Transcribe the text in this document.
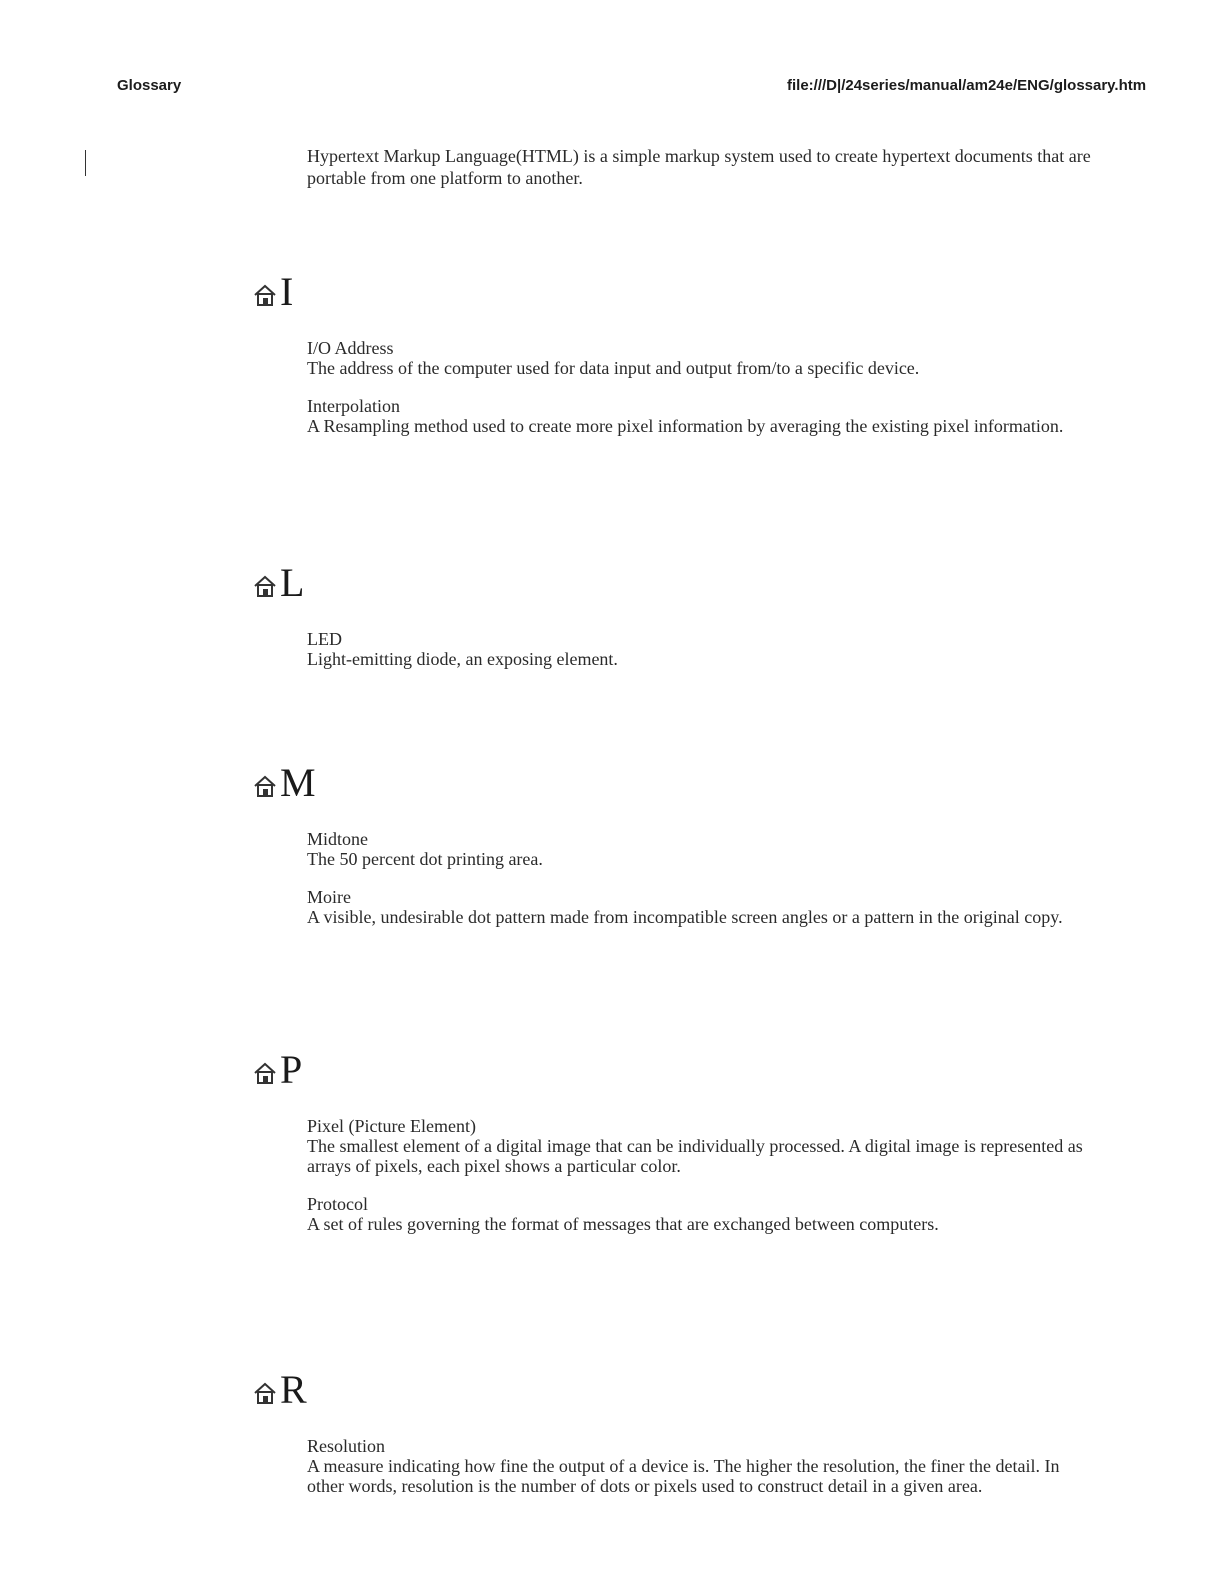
Glossary	file:///D|/24series/manual/am24e/ENG/glossary.htm

Hypertext Markup Language(HTML) is a simple markup system used to create hypertext documents that are portable from one platform to another.

I
I/O Address
The address of the computer used for data input and output from/to a specific device.
Interpolation
A Resampling method used to create more pixel information by averaging the existing pixel information.
L
LED
Light-emitting diode, an exposing element.
M
Midtone
The 50 percent dot printing area.
Moire
A visible, undesirable dot pattern made from incompatible screen angles or a pattern in the original copy.
P
Pixel (Picture Element)
The smallest element of a digital image that can be individually processed. A digital image is represented as arrays of pixels, each pixel shows a particular color.
Protocol
A set of rules governing the format of messages that are exchanged between computers.
R
Resolution
A measure indicating how fine the output of a device is. The higher the resolution, the finer the detail. In other words, resolution is the number of dots or pixels used to construct detail in a given area.
